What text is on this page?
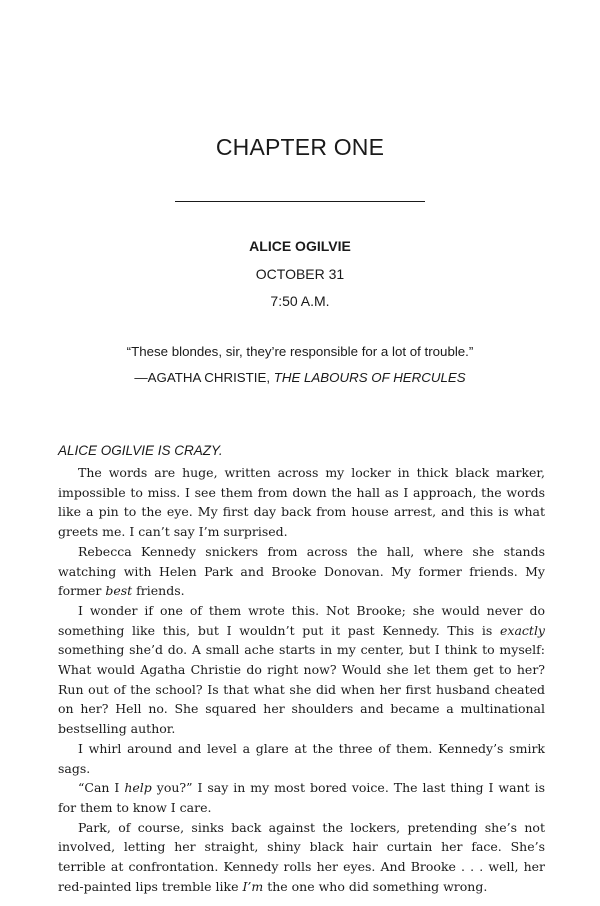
CHAPTER ONE
ALICE OGILVIE
OCTOBER 31
7:50 A.M.
“These blondes, sir, they’re responsible for a lot of trouble.”
—AGATHA CHRISTIE, THE LABOURS OF HERCULES
ALICE OGILVIE IS CRAZY.

The words are huge, written across my locker in thick black marker, impossible to miss. I see them from down the hall as I approach, the words like a pin to the eye. My first day back from house arrest, and this is what greets me. I can’t say I’m surprised.

Rebecca Kennedy snickers from across the hall, where she stands watching with Helen Park and Brooke Donovan. My former friends. My former best friends.

I wonder if one of them wrote this. Not Brooke; she would never do something like this, but I wouldn’t put it past Kennedy. This is exactly something she’d do. A small ache starts in my center, but I think to myself: What would Agatha Christie do right now? Would she let them get to her? Run out of the school? Is that what she did when her first husband cheated on her? Hell no. She squared her shoulders and became a multinational bestselling author.

I whirl around and level a glare at the three of them. Kennedy’s smirk sags.

“Can I help you?” I say in my most bored voice. The last thing I want is for them to know I care.

Park, of course, sinks back against the lockers, pretending she’s not involved, letting her straight, shiny black hair curtain her face. She’s terrible at confrontation. Kennedy rolls her eyes. And Brooke . . . well, her red-painted lips tremble like I’m the one who did something wrong.
